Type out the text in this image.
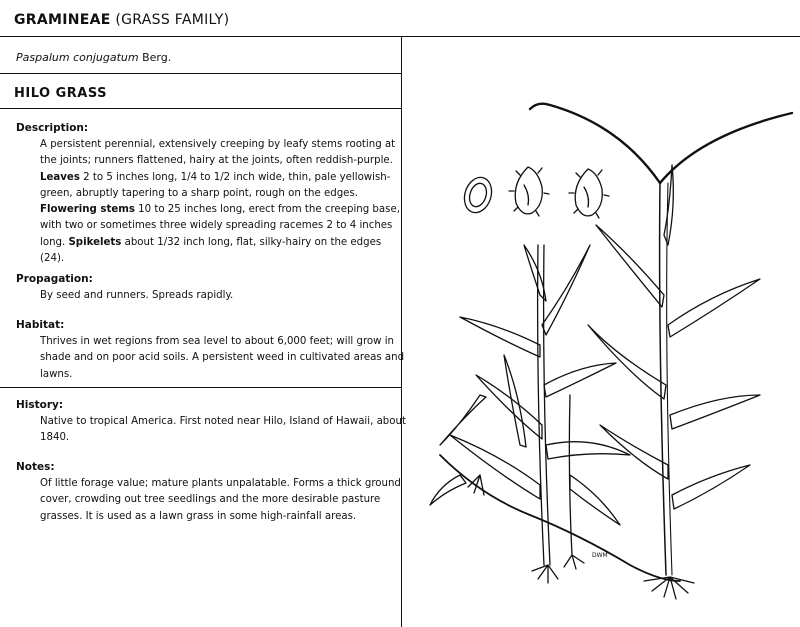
GRAMINEAE (GRASS FAMILY)
Paspalum conjugatum Berg.
HILO GRASS
Description:
A persistent perennial, extensively creeping by leafy stems rooting at the joints; runners flattened, hairy at the joints, often reddish-purple. Leaves 2 to 5 inches long, 1/4 to 1/2 inch wide, thin, pale yellowish-green, abruptly tapering to a sharp point, rough on the edges. Flowering stems 10 to 25 inches long, erect from the creeping base, with two or sometimes three widely spreading racemes 2 to 4 inches long. Spikelets about 1/32 inch long, flat, silky-hairy on the edges (24).
Propagation:
By seed and runners. Spreads rapidly.
Habitat:
Thrives in wet regions from sea level to about 6,000 feet; will grow in shade and on poor acid soils. A persistent weed in cultivated areas and lawns.
History:
Native to tropical America. First noted near Hilo, Island of Hawaii, about 1840.
Notes:
Of little forage value; mature plants unpalatable. Forms a thick ground cover, crowding out tree seedlings and the more desirable pasture grasses. It is used as a lawn grass in some high-rainfall areas.
DWM
